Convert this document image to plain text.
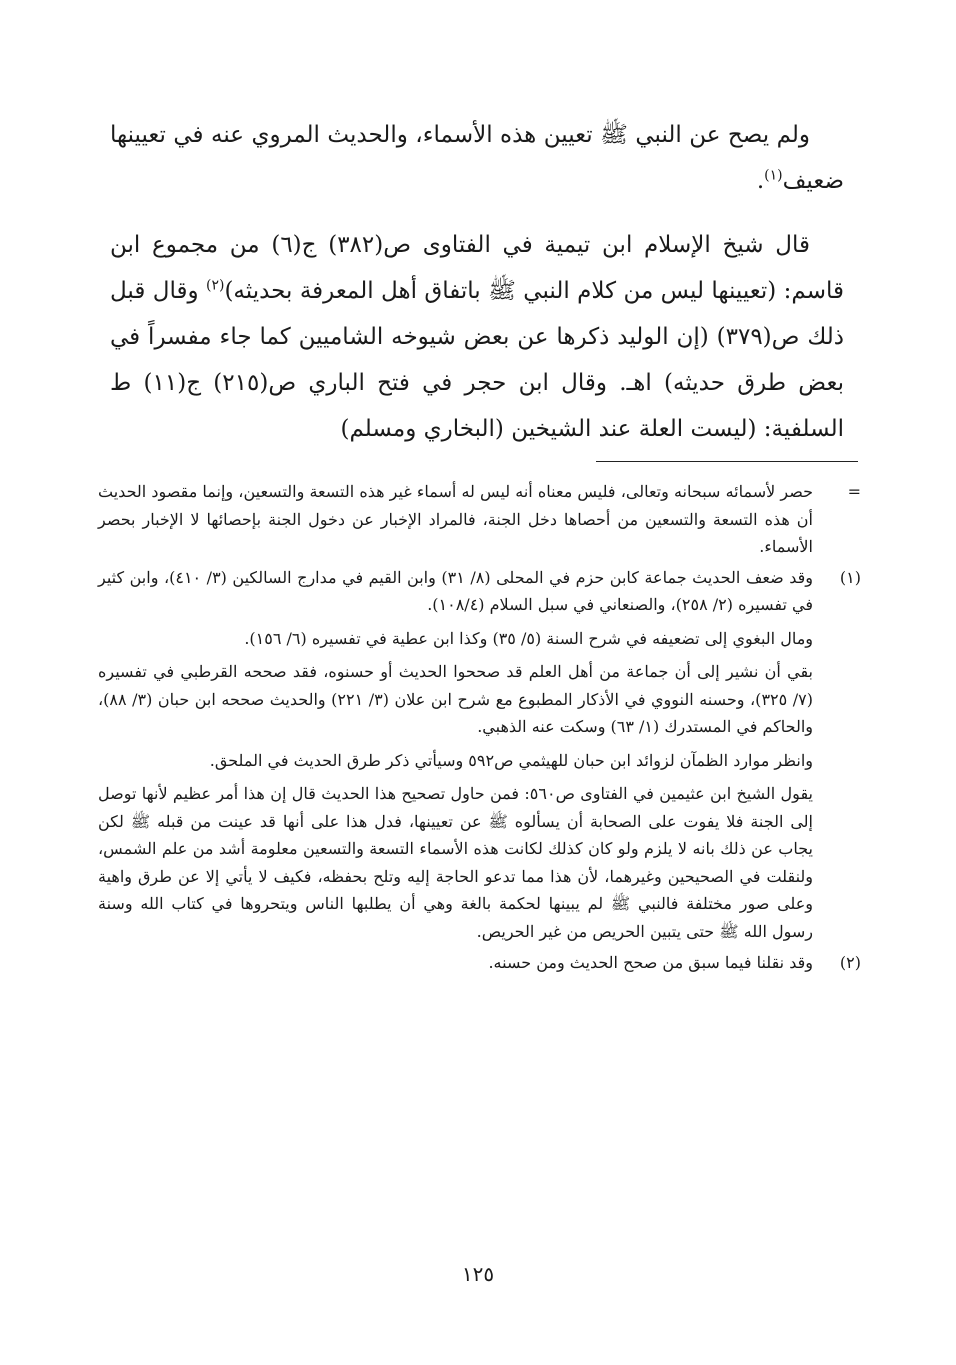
ولم يصح عن النبي ﷺ تعيين هذه الأسماء، والحديث المروي عنه في تعيينها ضعيف$^{(١)}$.

قال شيخ الإسلام ابن تيمية في الفتاوى ص(٣٨٢) ج(٦) من مجموع ابن قاسم: (تعيينها ليس من كلام النبي ﷺ باتفاق أهل المعرفة بحديثه)$^{(٢)}$ وقال قبل ذلك ص(٣٧٩) (إن الوليد ذكرها عن بعض شيوخه الشاميين كما جاء مفسراً في بعض طرق حديثه) اهـ. وقال ابن حجر في فتح الباري ص(٢١٥) ج(١١) ط السلفية: (ليست العلة عند الشيخين (البخاري ومسلم)

=
حصر لأسمائه سبحانه وتعالى، فليس معناه أنه ليس له أسماء غير هذه التسعة والتسعين، وإنما مقصود الحديث أن هذه التسعة والتسعين من أحصاها دخل الجنة، فالمراد الإخبار عن دخول الجنة بإحصائها لا الإخبار بحصر الأسماء.
(١)
وقد ضعف الحديث جماعة كابن حزم في المحلى (٨/ ٣١) وابن القيم في مدارج السالكين (٣/ ٤١٠)، وابن كثير في تفسيره (٢/ ٢٥٨)، والصنعاني في سبل السلام (١٠٨/٤).
ومال البغوي إلى تضعيفه في شرح السنة (٥/ ٣٥) وكذا ابن عطية في تفسيره (٦/ ١٥٦).
بقي أن نشير إلى أن جماعة من أهل العلم قد صححوا الحديث أو حسنوه، فقد صححه القرطبي في تفسيره (٧/ ٣٢٥)، وحسنه النووي في الأذكار المطبوع مع شرح ابن علان (٣/ ٢٢١) والحديث صححه ابن حبان (٣/ ٨٨)، والحاكم في المستدرك (١/ ٦٣) وسكت عنه الذهبي.
وانظر موارد الظمآن لزوائد ابن حبان للهيثمي ص٥٩٢ وسيأتي ذكر طرق الحديث في الملحق.
يقول الشيخ ابن عثيمين في الفتاوى ص٥٦٠: فمن حاول تصحيح هذا الحديث قال إن هذا أمر عظيم لأنها توصل إلى الجنة فلا يفوت على الصحابة أن يسألوه ﷺ عن تعيينها، فدل هذا على أنها قد عينت من قبله ﷺ لكن يجاب عن ذلك بانه لا يلزم ولو كان كذلك لكانت هذه الأسماء التسعة والتسعين معلومة أشد من علم الشمس، ولنقلت في الصحيحين وغيرهما، لأن هذا مما تدعو الحاجة إليه وتلح بحفظه، فكيف لا يأتي إلا عن طرق واهية وعلى صور مختلفة فالنبي ﷺ لم يبينها لحكمة بالغة وهي أن يطلبها الناس ويتحروها في كتاب الله وسنة رسول الله ﷺ حتى يتبين الحريص من غير الحريص.
(٢)
وقد نقلنا فيما سبق من صحح الحديث ومن حسنه.
١٢٥
